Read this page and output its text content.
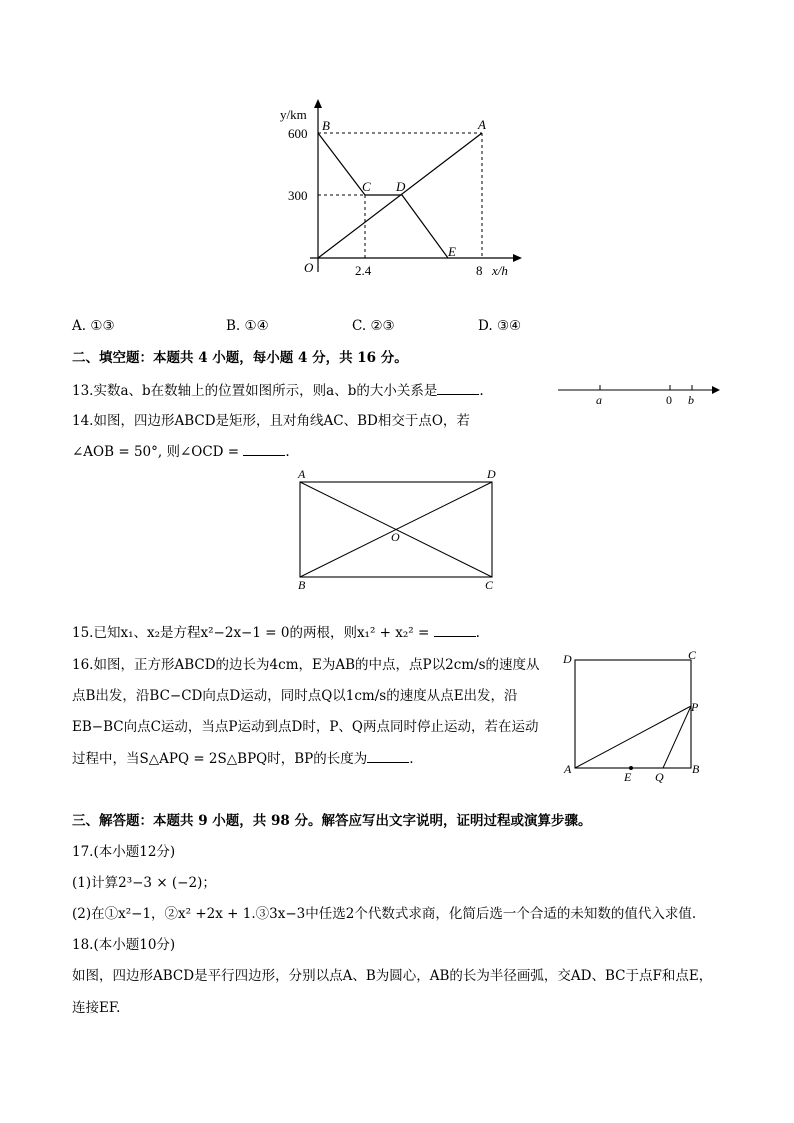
y/km
x/h
O
600
300
2.4	8
B	A
C D
E
A. ①③	B. ①④	C. ②③	D. ③④
二、填空题：本题共 4 小题，每小题 4 分，共 16 分。
13.实数a、b在数轴上的位置如图所示，则a、b的大小关系是	.
a	0 b
14.如图，四边形ABCD是矩形，且对角线AC、BD相交于点O，若
∠AOB = 50°, 则∠OCD =	.
A	D
B	C
O
15.已知x₁、x₂是方程x²−2x−1 = 0的两根，则x₁² + x₂² =	.
16.如图，正方形ABCD的边长为4cm，E为AB的中点，点P以2cm/s的速度从
点B出发，沿BC−CD向点D运动，同时点Q以1cm/s的速度从点E出发，沿
EB−BC向点C运动，当点P运动到点D时，P、Q两点同时停止运动，若在运动
过程中，当S△APQ = 2S△BPQ时，BP的长度为	.
D	C
A	B
P
E Q
三、解答题：本题共 9 小题，共 98 分。解答应写出文字说明，证明过程或演算步骤。
17.(本小题12分)
(1)计算2³−3 × (−2)；
(2)在①x²−1，②x² +2x + 1.③3x−3中任选2个代数式求商，化简后选一个合适的未知数的值代入求值.
18.(本小题10分)
如图，四边形ABCD是平行四边形，分别以点A、B为圆心，AB的长为半径画弧，交AD、BC于点F和点E，
连接EF.
